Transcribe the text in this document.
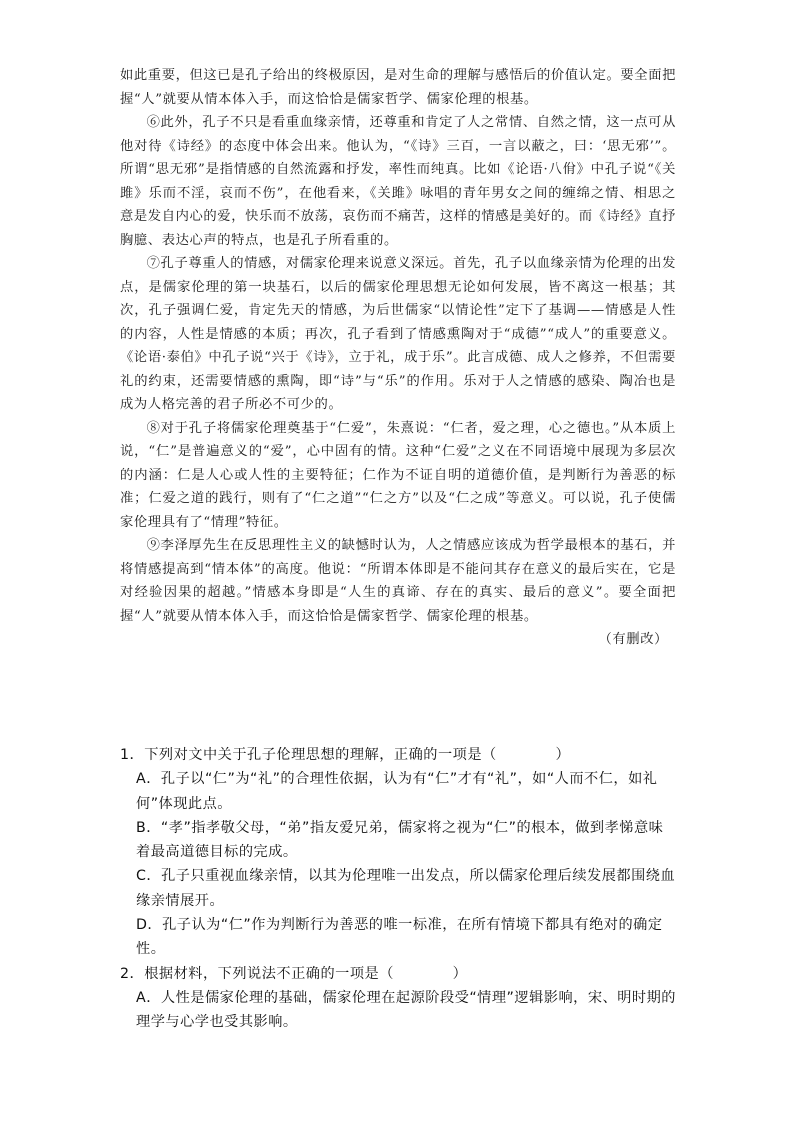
如此重要，但这已是孔子给出的终极原因，是对生命的理解与感悟后的价值认定。要全面把握“人”就要从情本体入手，而这恰恰是儒家哲学、儒家伦理的根基。

⑥此外，孔子不只是看重血缘亲情，还尊重和肯定了人之常情、自然之情，这一点可从他对待《诗经》的态度中体会出来。他认为，“《诗》三百，一言以蔽之，曰：‘思无邪’”。所谓“思无邪”是指情感的自然流露和抒发，率性而纯真。比如《论语·八佾》中孔子说“《关雎》乐而不淫，哀而不伤”，在他看来，《关雎》咏唱的青年男女之间的缠绵之情、相思之意是发自内心的爱，快乐而不放荡，哀伤而不痛苦，这样的情感是美好的。而《诗经》直抒胸臆、表达心声的特点，也是孔子所看重的。

⑦孔子尊重人的情感，对儒家伦理来说意义深远。首先，孔子以血缘亲情为伦理的出发点，是儒家伦理的第一块基石，以后的儒家伦理思想无论如何发展，皆不离这一根基；其次，孔子强调仁爱，肯定先天的情感，为后世儒家“以情论性”定下了基调——情感是人性的内容，人性是情感的本质；再次，孔子看到了情感熏陶对于“成德”“成人”的重要意义。《论语·泰伯》中孔子说“兴于《诗》，立于礼，成于乐”。此言成德、成人之修养，不但需要礼的约束，还需要情感的熏陶，即“诗”与“乐”的作用。乐对于人之情感的感染、陶冶也是成为人格完善的君子所必不可少的。

⑧对于孔子将儒家伦理奠基于“仁爱”，朱熹说：“仁者，爱之理，心之德也。”从本质上说，“仁”是普遍意义的“爱”，心中固有的情。这种“仁爱”之义在不同语境中展现为多层次的内涵：仁是人心或人性的主要特征；仁作为不证自明的道德价值，是判断行为善恶的标准；仁爱之道的践行，则有了“仁之道”“仁之方”以及“仁之成”等意义。可以说，孔子使儒家伦理具有了“情理”特征。

⑨李泽厚先生在反思理性主义的缺憾时认为，人之情感应该成为哲学最根本的基石，并将情感提高到“情本体”的高度。他说：“所谓本体即是不能问其存在意义的最后实在，它是对经验因果的超越。”情感本身即是“人生的真谛、存在的真实、最后的意义”。要全面把握“人”就要从情本体入手，而这恰恰是儒家哲学、儒家伦理的根基。

（有删改）

1．下列对文中关于孔子伦理思想的理解，正确的一项是（　　　　）

A．孔子以“仁”为“礼”的合理性依据，认为有“仁”才有“礼”，如“人而不仁，如礼何”体现此点。

B．“孝”指孝敬父母，“弟”指友爱兄弟，儒家将之视为“仁”的根本，做到孝悌意味着最高道德目标的完成。

C．孔子只重视血缘亲情，以其为伦理唯一出发点，所以儒家伦理后续发展都围绕血缘亲情展开。

D．孔子认为“仁”作为判断行为善恶的唯一标准，在所有情境下都具有绝对的确定性。

2．根据材料，下列说法不正确的一项是（　　　　）

A．人性是儒家伦理的基础，儒家伦理在起源阶段受“情理”逻辑影响，宋、明时期的理学与心学也受其影响。
